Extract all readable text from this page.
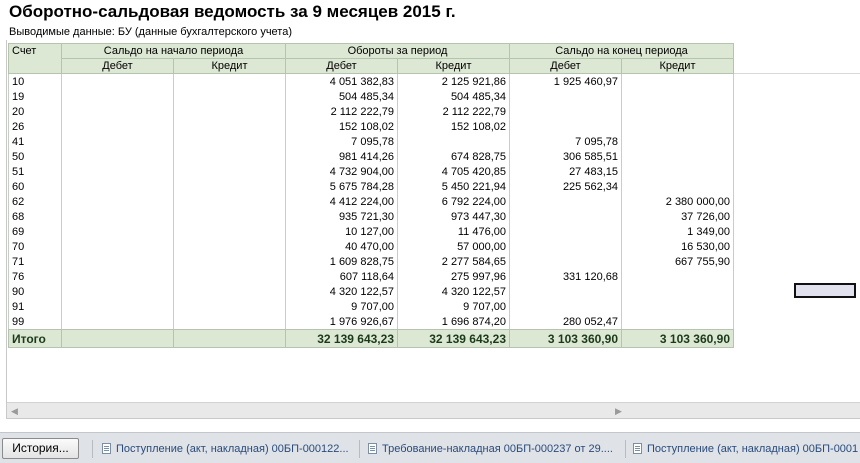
Оборотно-сальдовая ведомость за 9 месяцев 2015 г.
Выводимые данные: БУ (данные бухгалтерского учета)
Счет	Сальдо на начало периода		Обороты за период		Сальдо на конец периода	
	Дебет	Кредит	Дебет	Кредит	Дебет	Кредит
10			4 051 382,83	2 125 921,86	1 925 460,97	
19			504 485,34	504 485,34		
20			2 112 222,79	2 112 222,79		
26			152 108,02	152 108,02		
41			7 095,78		7 095,78	
50			981 414,26	674 828,75	306 585,51	
51			4 732 904,00	4 705 420,85	27 483,15	
60			5 675 784,28	5 450 221,94	225 562,34	
62			4 412 224,00	6 792 224,00		2 380 000,00
68			935 721,30	973 447,30		37 726,00
69			10 127,00	11 476,00		1 349,00
70			40 470,00	57 000,00		16 530,00
71			1 609 828,75	2 277 584,65		667 755,90
76			607 118,64	275 997,96	331 120,68	
90			4 320 122,57	4 320 122,57		
91			9 707,00	9 707,00		
99			1 976 926,67	1 696 874,20	280 052,47	
Итого			32 139 643,23	32 139 643,23	3 103 360,90	3 103 360,90
◀	▶
История...	Поступление (акт, накладная) 00БП-000122...	Требование-накладная 00БП-000237 от 29....	Поступление (акт, накладная) 00БП-0001
